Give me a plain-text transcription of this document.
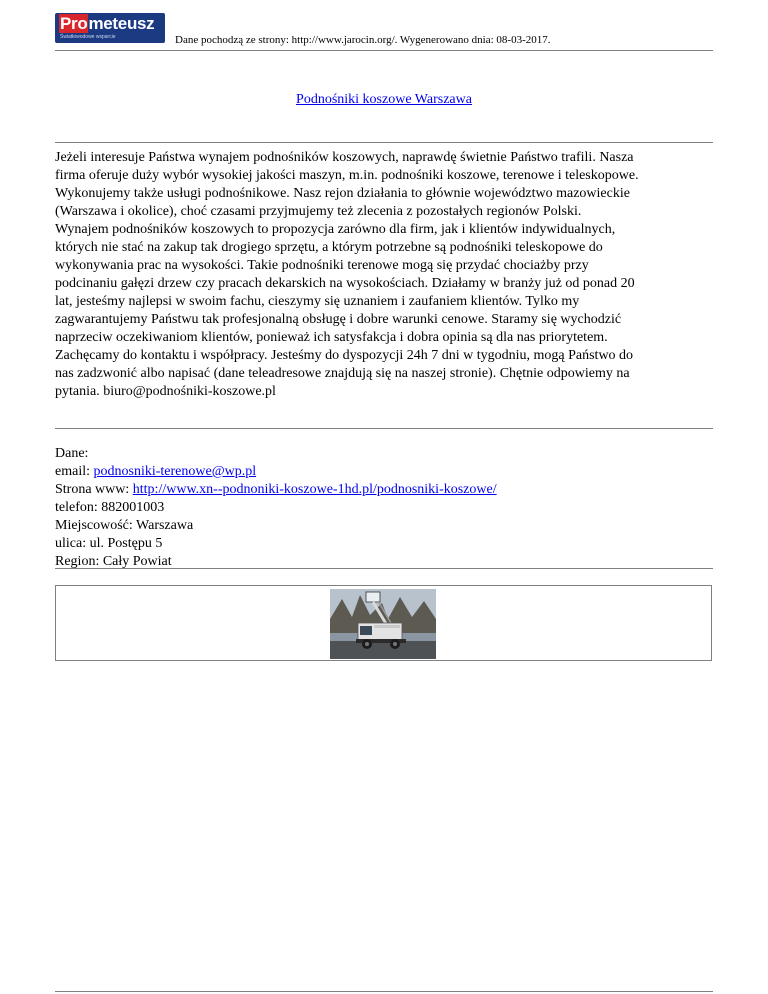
Prometeusz
Światłowodowe wsparcie	Dane pochodzą ze strony: http://www.jarocin.org/. Wygenerowano dnia: 08-03-2017.
Podnośniki koszowe Warszawa

Jeżeli interesuje Państwa wynajem podnośników koszowych, naprawdę świetnie Państwo trafili. Nasza
firma oferuje duży wybór wysokiej jakości maszyn, m.in. podnośniki koszowe, terenowe i teleskopowe.
Wykonujemy także usługi podnośnikowe. Nasz rejon działania to głównie województwo mazowieckie
(Warszawa i okolice), choć czasami przyjmujemy też zlecenia z pozostałych regionów Polski.
Wynajem podnośników koszowych to propozycja zarówno dla firm, jak i klientów indywidualnych,
których nie stać na zakup tak drogiego sprzętu, a którym potrzebne są podnośniki teleskopowe do
wykonywania prac na wysokości. Takie podnośniki terenowe mogą się przydać chociażby przy
podcinaniu gałęzi drzew czy pracach dekarskich na wysokościach. Działamy w branży już od ponad 20
lat, jesteśmy najlepsi w swoim fachu, cieszymy się uznaniem i zaufaniem klientów. Tylko my
zagwarantujemy Państwu tak profesjonalną obsługę i dobre warunki cenowe. Staramy się wychodzić
naprzeciw oczekiwaniom klientów, ponieważ ich satysfakcja i dobra opinia są dla nas priorytetem.
Zachęcamy do kontaktu i współpracy. Jesteśmy do dyspozycji 24h 7 dni w tygodniu, mogą Państwo do
nas zadzwonić albo napisać (dane teleadresowe znajdują się na naszej stronie). Chętnie odpowiemy na
pytania. biuro@podnośniki-koszowe.pl

Dane:
email: podnosniki-terenowe@wp.pl
Strona www: http://www.xn--podnoniki-koszowe-1hd.pl/podnosniki-koszowe/
telefon: 882001003
Miejscowość: Warszawa
ulica: ul. Postępu 5
Region: Cały Powiat
